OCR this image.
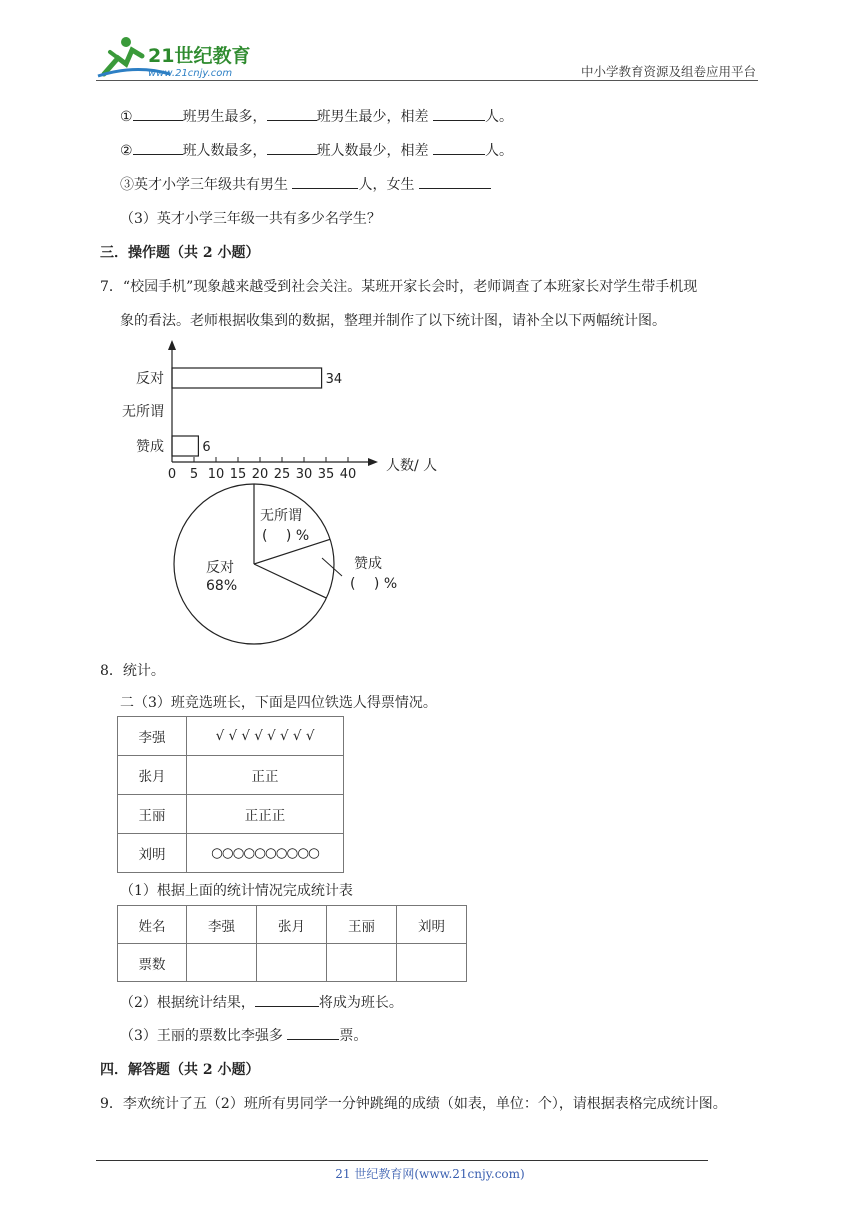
21世纪教育
www.21cnjy.com	中小学教育资源及组卷应用平台
①	班男生最多，	班男生最少，相差	人。
②	班人数最多，	班人数最少，相差	人。
③英才小学三年级共有男生	人，女生
（3）英才小学三年级一共有多少名学生？
三．操作题（共 2 小题）
7．“校园手机”现象越来越受到社会关注。某班开家长会时，老师调查了本班家长对学生带手机现
象的看法。老师根据收集到的数据，整理并制作了以下统计图，请补全以下两幅统计图。
反对	34
无所谓
赞成	6
0 5 10 15 20 25 30 35 40
人数/ 人
反对
68%
无所谓
(　 ) %
赞成
(　 ) %
8．统计。
二（3）班竞选班长，下面是四位铁选人得票情况。
李强	√ √ √ √ √ √ √ √
张月	正正
王丽	正正正
刘明	○○○○○○○○○○
（1）根据上面的统计情况完成统计表
姓名	李强	张月	王丽	刘明
票数				
（2）根据统计结果，	将成为班长。
（3）王丽的票数比李强多	票。
四．解答题（共 2 小题）
9．李欢统计了五（2）班所有男同学一分钟跳绳的成绩（如表，单位：个），请根据表格完成统计图。
21 世纪教育网(www.21cnjy.com)
